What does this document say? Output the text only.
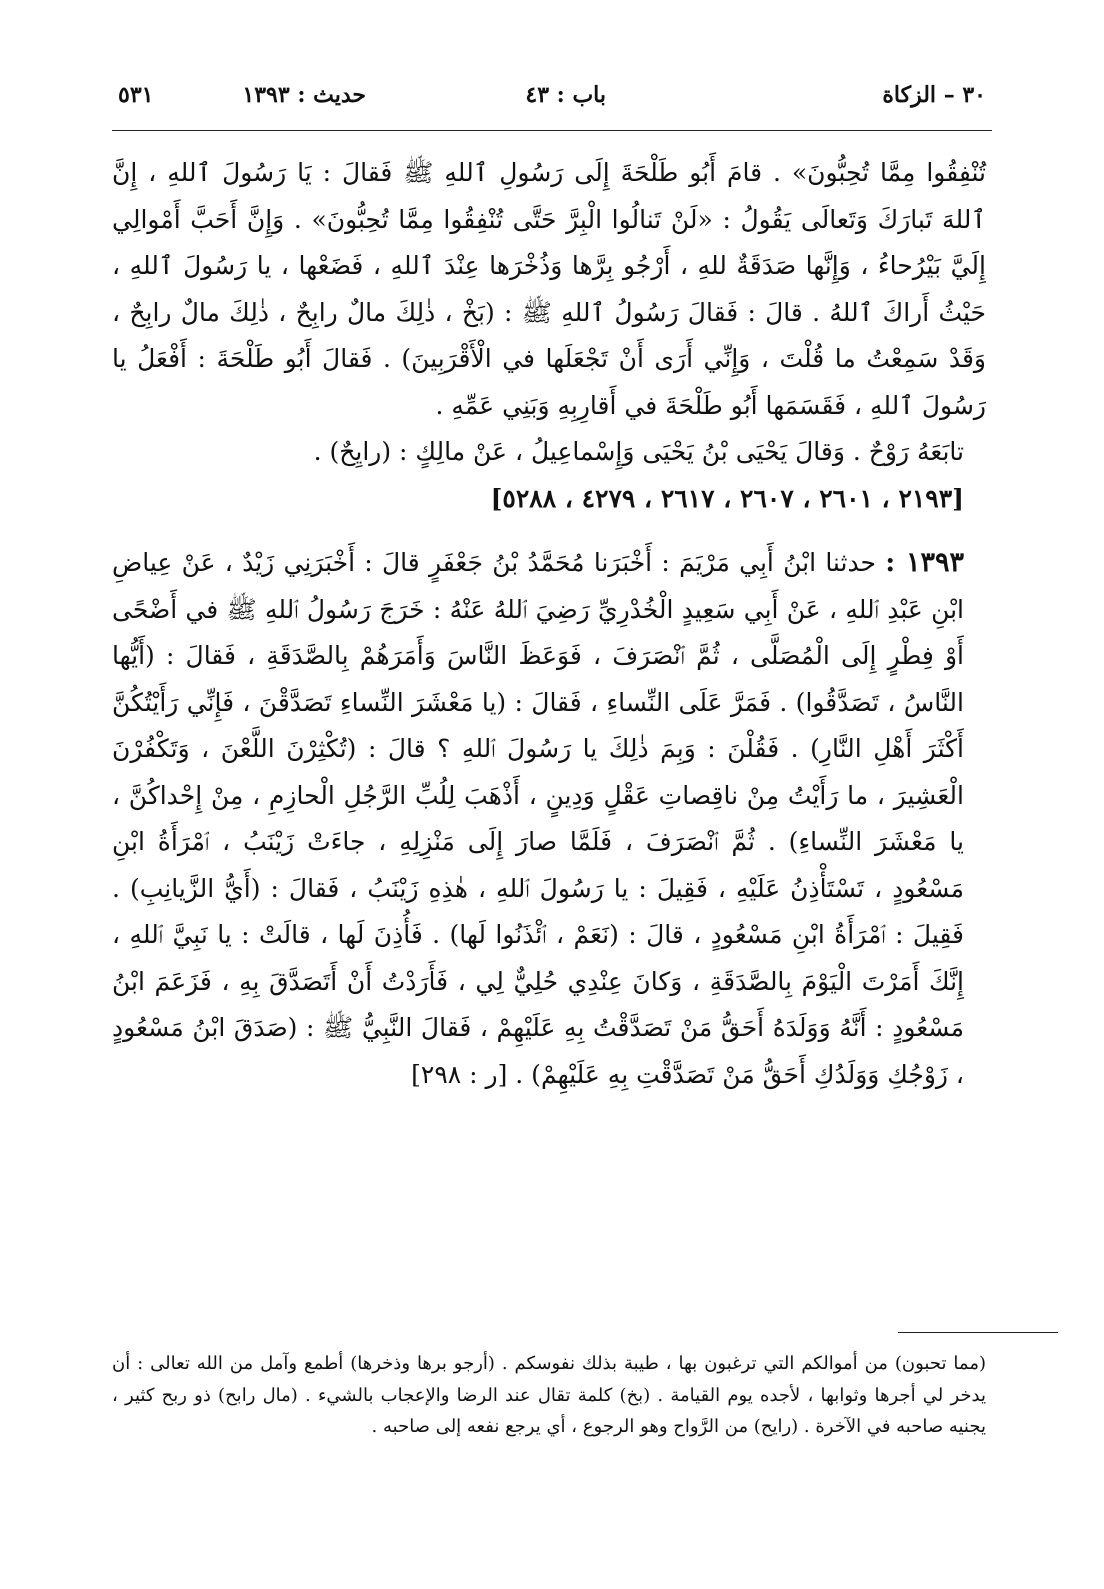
٣٠ – الزكاة
باب : ٤٣
حديث : ١٣٩٣
٥٣١

تُنْفِقُوا مِمَّا تُحِبُّونَ» . قامَ أَبُو طَلْحَةَ إِلَى رَسُولِ ٱللهِ ﷺ فَقالَ : يَا رَسُولَ ٱللهِ ، إِنَّ ٱللهَ تَبارَكَ وَتَعالَى يَقُولُ : «لَنْ تَنالُوا الْبِرَّ حَتَّى تُنْفِقُوا مِمَّا تُحِبُّونَ» . وَإِنَّ أَحَبَّ أَمْوالِي إِلَيَّ بَيْرُحاءُ ، وَإِنَّها صَدَقَةٌ للهِ ، أَرْجُو بِرَّها وَذُخْرَها عِنْدَ ٱللهِ ، فَضَعْها ، يا رَسُولَ ٱللهِ ، حَيْثُ أَراكَ ٱللهُ . قالَ : فَقالَ رَسُولُ ٱللهِ ﷺ : (بَخْ ، ذٰلِكَ مالٌ رابِحٌ ، ذٰلِكَ مالٌ رابِحٌ ، وَقَدْ سَمِعْتُ ما قُلْتَ ، وَإِنِّي أَرَى أَنْ تَجْعَلَها في الْأَقْرَبِينَ) . فَقالَ أَبُو طَلْحَةَ : أَفْعَلُ يا رَسُولَ ٱللهِ ، فَقَسَمَها أَبُو طَلْحَةَ في أَقارِبِهِ وَبَنِي عَمِّهِ .

تابَعَهُ رَوْحٌ . وَقالَ يَحْيَى بْنُ يَحْيَى وَإِسْماعِيلُ ، عَنْ مالِكٍ : (رايِحٌ) .

[٢١٩٣ ، ٢٦٠١ ، ٢٦٠٧ ، ٢٦١٧ ، ٤٢٧٩ ، ٥٢٨٨]

١٣٩٣ : حدثنا ابْنُ أَبِي مَرْيَمَ : أَخْبَرَنا مُحَمَّدُ بْنُ جَعْفَرٍ قالَ : أَخْبَرَنِي زَيْدٌ ، عَنْ عِياضِ ابْنِ عَبْدِ ٱللهِ ، عَنْ أَبِي سَعِيدٍ الْخُدْرِيِّ رَضِيَ ٱللهُ عَنْهُ : خَرَجَ رَسُولُ ٱللهِ ﷺ في أَضْحًى أَوْ فِطْرٍ إِلَى الْمُصَلَّى ، ثُمَّ ٱنْصَرَفَ ، فَوَعَظَ النَّاسَ وَأَمَرَهُمْ بِالصَّدَقَةِ ، فَقالَ : (أَيُّها النَّاسُ ، تَصَدَّقُوا) . فَمَرَّ عَلَى النِّساءِ ، فَقالَ : (يا مَعْشَرَ النِّساءِ تَصَدَّقْنَ ، فَإِنِّي رَأَيْتُكُنَّ أَكْثَرَ أَهْلِ النَّارِ) . فَقُلْنَ : وَبِمَ ذٰلِكَ يا رَسُولَ ٱللهِ ؟ قالَ : (تُكْثِرْنَ اللَّعْنَ ، وَتَكْفُرْنَ الْعَشِيرَ ، ما رَأَيْتُ مِنْ ناقِصاتِ عَقْلٍ وَدِينٍ ، أَذْهَبَ لِلُبِّ الرَّجُلِ الْحازِمِ ، مِنْ إِحْداكُنَّ ، يا مَعْشَرَ النِّساءِ) . ثُمَّ ٱنْصَرَفَ ، فَلَمَّا صارَ إِلَى مَنْزِلِهِ ، جاءَتْ زَيْنَبُ ، ٱمْرَأَةُ ابْنِ مَسْعُودٍ ، تَسْتَأْذِنُ عَلَيْهِ ، فَقِيلَ : يا رَسُولَ ٱللهِ ، هٰذِهِ زَيْنَبُ ، فَقالَ : (أَيُّ الزَّيانِبِ) . فَقِيلَ : ٱمْرَأَةُ ابْنِ مَسْعُودٍ ، قالَ : (نَعَمْ ، ٱئْذَنُوا لَها) . فَأُذِنَ لَها ، قالَتْ : يا نَبِيَّ ٱللهِ ، إِنَّكَ أَمَرْتَ الْيَوْمَ بِالصَّدَقَةِ ، وَكانَ عِنْدِي حُلِيٌّ لِي ، فَأَرَدْتُ أَنْ أَتَصَدَّقَ بِهِ ، فَزَعَمَ ابْنُ مَسْعُودٍ : أَنَّهُ وَوَلَدَهُ أَحَقُّ مَنْ تَصَدَّقْتُ بِهِ عَلَيْهِمْ ، فَقالَ النَّبِيُّ ﷺ : (صَدَقَ ابْنُ مَسْعُودٍ ، زَوْجُكِ وَوَلَدُكِ أَحَقُّ مَنْ تَصَدَّقْتِ بِهِ عَلَيْهِمْ) . [ر : ٢٩٨]

(مما تحبون) من أموالكم التي ترغبون بها ، طيبة بذلك نفوسكم . (أرجو برها وذخرها) أطمع وآمل من الله تعالى : أن يدخر لي أجرها وثوابها ، لأجده يوم القيامة . (بخ) كلمة تقال عند الرضا والإعجاب بالشيء . (مال رابح) ذو ربح كثير ، يجنيه صاحبه في الآخرة . (رايح) من الرَّواح وهو الرجوع ، أي يرجع نفعه إلى صاحبه .
